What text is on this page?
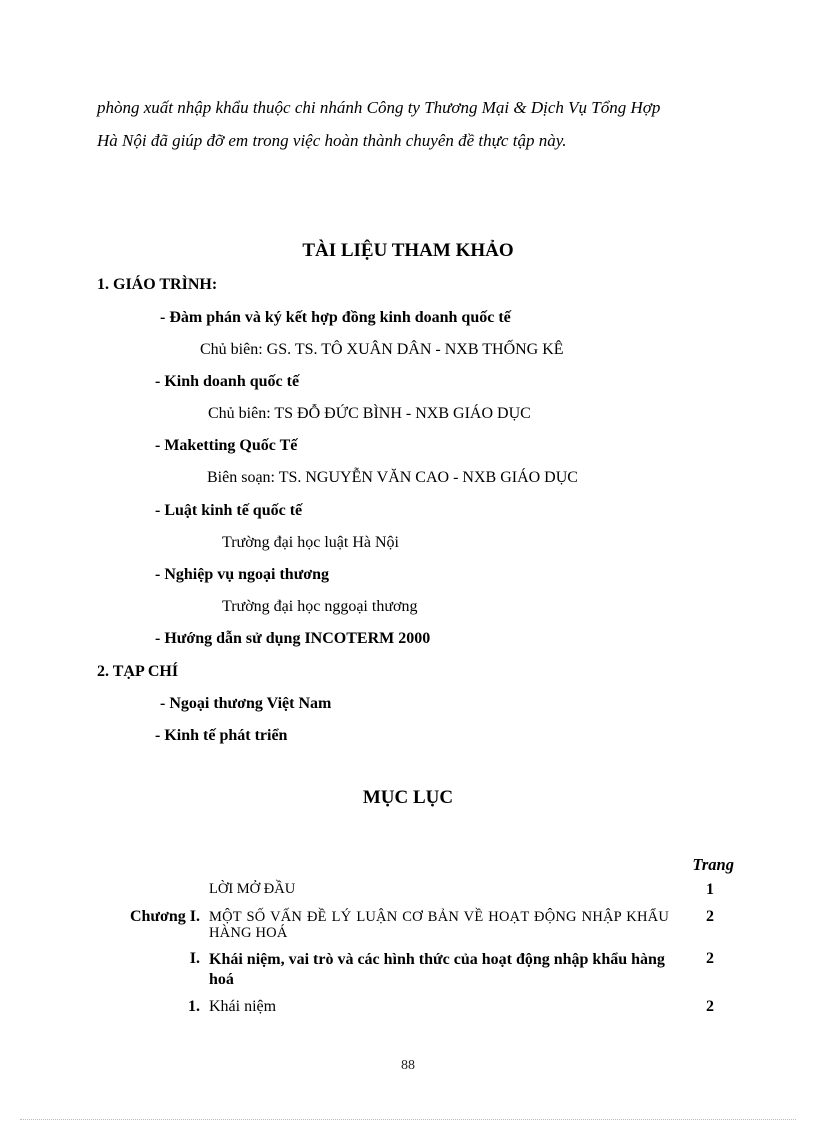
phòng xuất nhập khẩu thuộc chi nhánh Công ty Thương Mại & Dịch Vụ Tổng Hợp
Hà Nội đã giúp đỡ em trong việc hoàn thành chuyên đề thực tập này.
TÀI LIỆU THAM KHẢO
1. GIÁO TRÌNH:
- Đàm phán và ký kết hợp đồng kinh doanh quốc tế
Chủ biên: GS. TS. TÔ XUÂN DÂN - NXB THỐNG KÊ
- Kinh doanh quốc tế
Chủ biên: TS ĐỖ ĐỨC BÌNH - NXB GIÁO DỤC
- Maketting Quốc Tế
Biên soạn: TS. NGUYỄN VĂN CAO - NXB GIÁO DỤC
- Luật kinh tế quốc tế
Trường đại học luật Hà Nội
- Nghiệp vụ ngoại thương
Trường đại học nggoại thương
- Hướng dẫn sử dụng INCOTERM 2000
2. TẠP CHÍ
- Ngoại thương Việt Nam
- Kinh tế phát triển
MỤC LỤC
Trang
LỜI MỞ ĐẦU	1
Chương I. MỘT SỐ VẤN ĐỀ LÝ LUẬN CƠ BẢN VỀ HOẠT ĐỘNG NHẬP KHẨU HÀNG HOÁ
2
I. Khái niệm, vai trò và các hình thức của hoạt động nhập khẩu hàng hoá
2
1. Khái niệm	2
88
